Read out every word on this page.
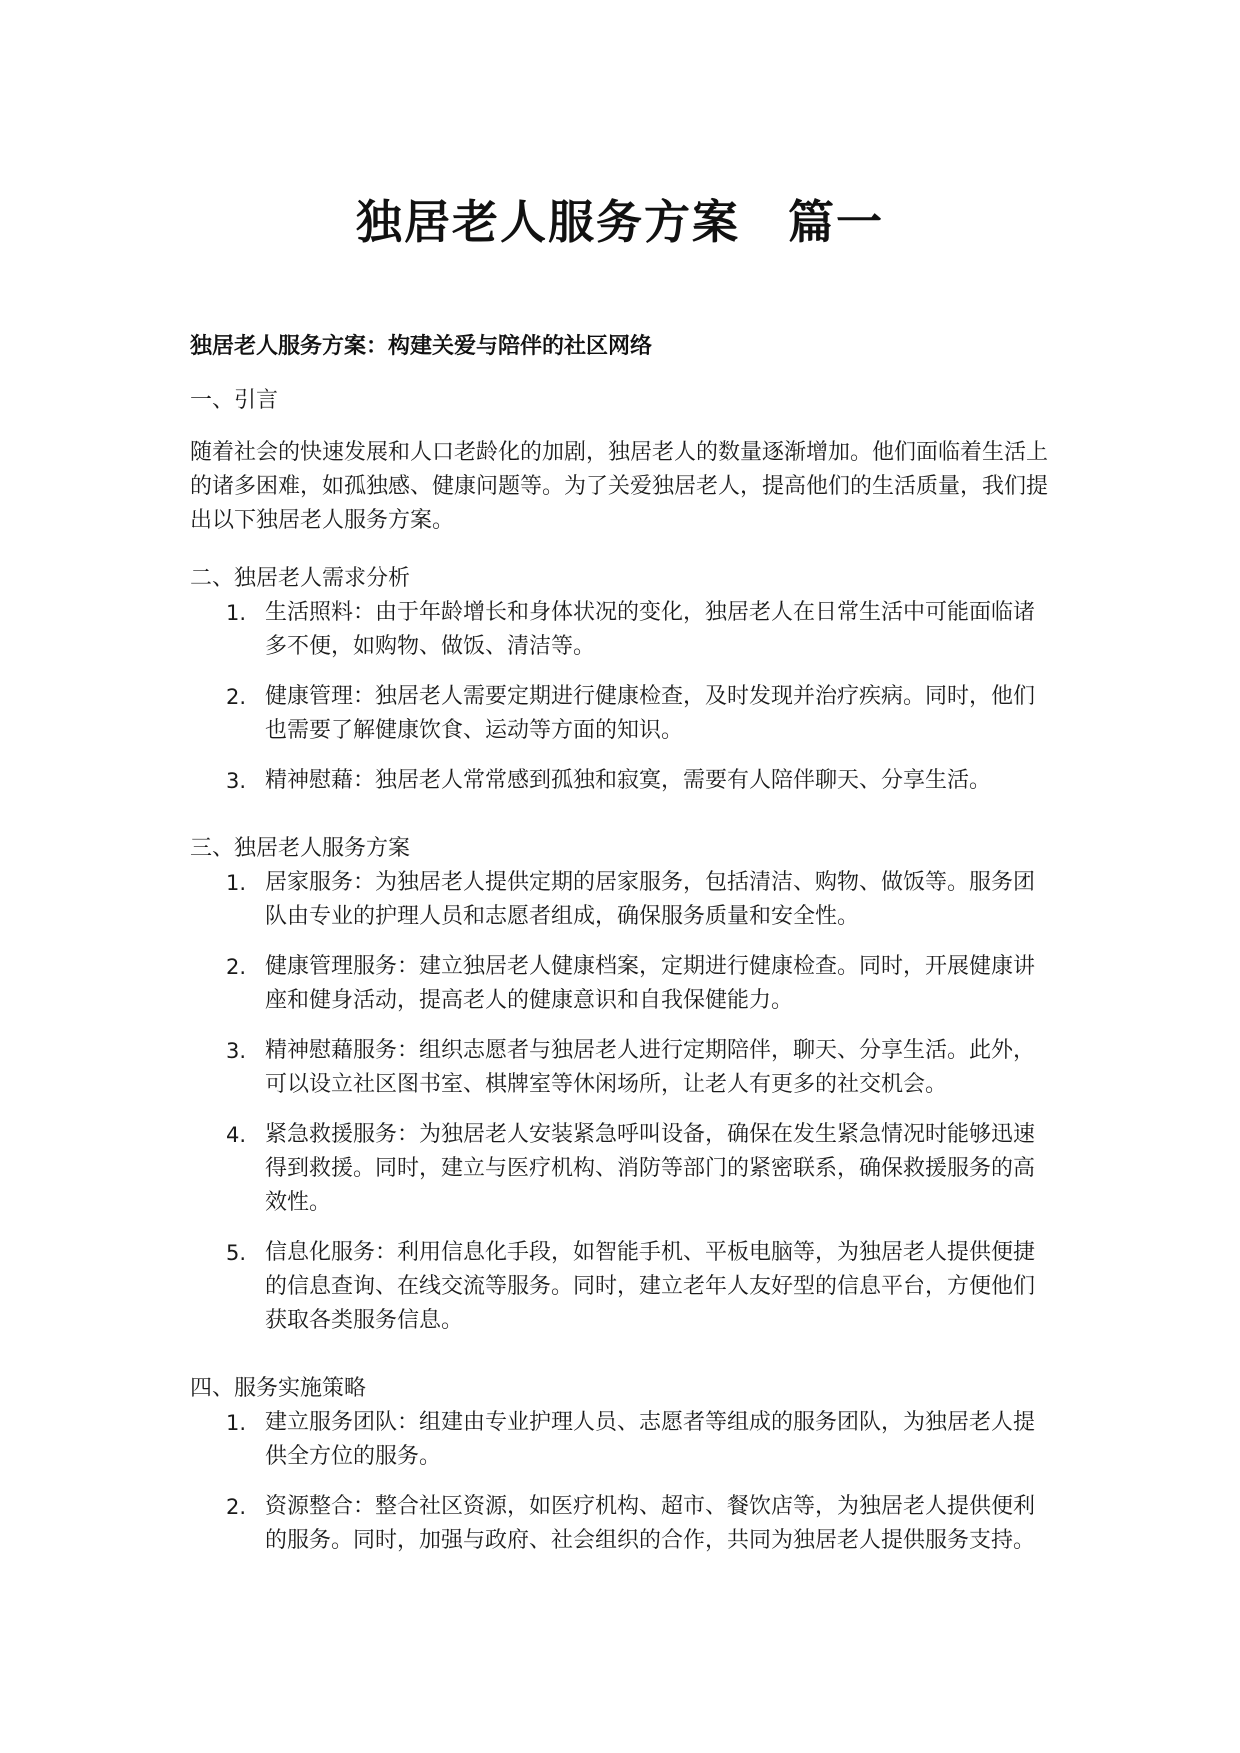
独居老人服务方案　篇一
独居老人服务方案：构建关爱与陪伴的社区网络

一、引言

随着社会的快速发展和人口老龄化的加剧，独居老人的数量逐渐增加。他们面临着生活上的诸多困难，如孤独感、健康问题等。为了关爱独居老人，提高他们的生活质量，我们提出以下独居老人服务方案。

二、独居老人需求分析

1. 生活照料：由于年龄增长和身体状况的变化，独居老人在日常生活中可能面临诸多不便，如购物、做饭、清洁等。
2. 健康管理：独居老人需要定期进行健康检查，及时发现并治疗疾病。同时，他们也需要了解健康饮食、运动等方面的知识。
3. 精神慰藉：独居老人常常感到孤独和寂寞，需要有人陪伴聊天、分享生活。

三、独居老人服务方案

1. 居家服务：为独居老人提供定期的居家服务，包括清洁、购物、做饭等。服务团队由专业的护理人员和志愿者组成，确保服务质量和安全性。
2. 健康管理服务：建立独居老人健康档案，定期进行健康检查。同时，开展健康讲座和健身活动，提高老人的健康意识和自我保健能力。
3. 精神慰藉服务：组织志愿者与独居老人进行定期陪伴，聊天、分享生活。此外，可以设立社区图书室、棋牌室等休闲场所，让老人有更多的社交机会。
4. 紧急救援服务：为独居老人安装紧急呼叫设备，确保在发生紧急情况时能够迅速得到救援。同时，建立与医疗机构、消防等部门的紧密联系，确保救援服务的高效性。
5. 信息化服务：利用信息化手段，如智能手机、平板电脑等，为独居老人提供便捷的信息查询、在线交流等服务。同时，建立老年人友好型的信息平台，方便他们获取各类服务信息。

四、服务实施策略

1. 建立服务团队：组建由专业护理人员、志愿者等组成的服务团队，为独居老人提供全方位的服务。
2. 资源整合：整合社区资源，如医疗机构、超市、餐饮店等，为独居老人提供便利的服务。同时，加强与政府、社会组织的合作，共同为独居老人提供服务支持。
